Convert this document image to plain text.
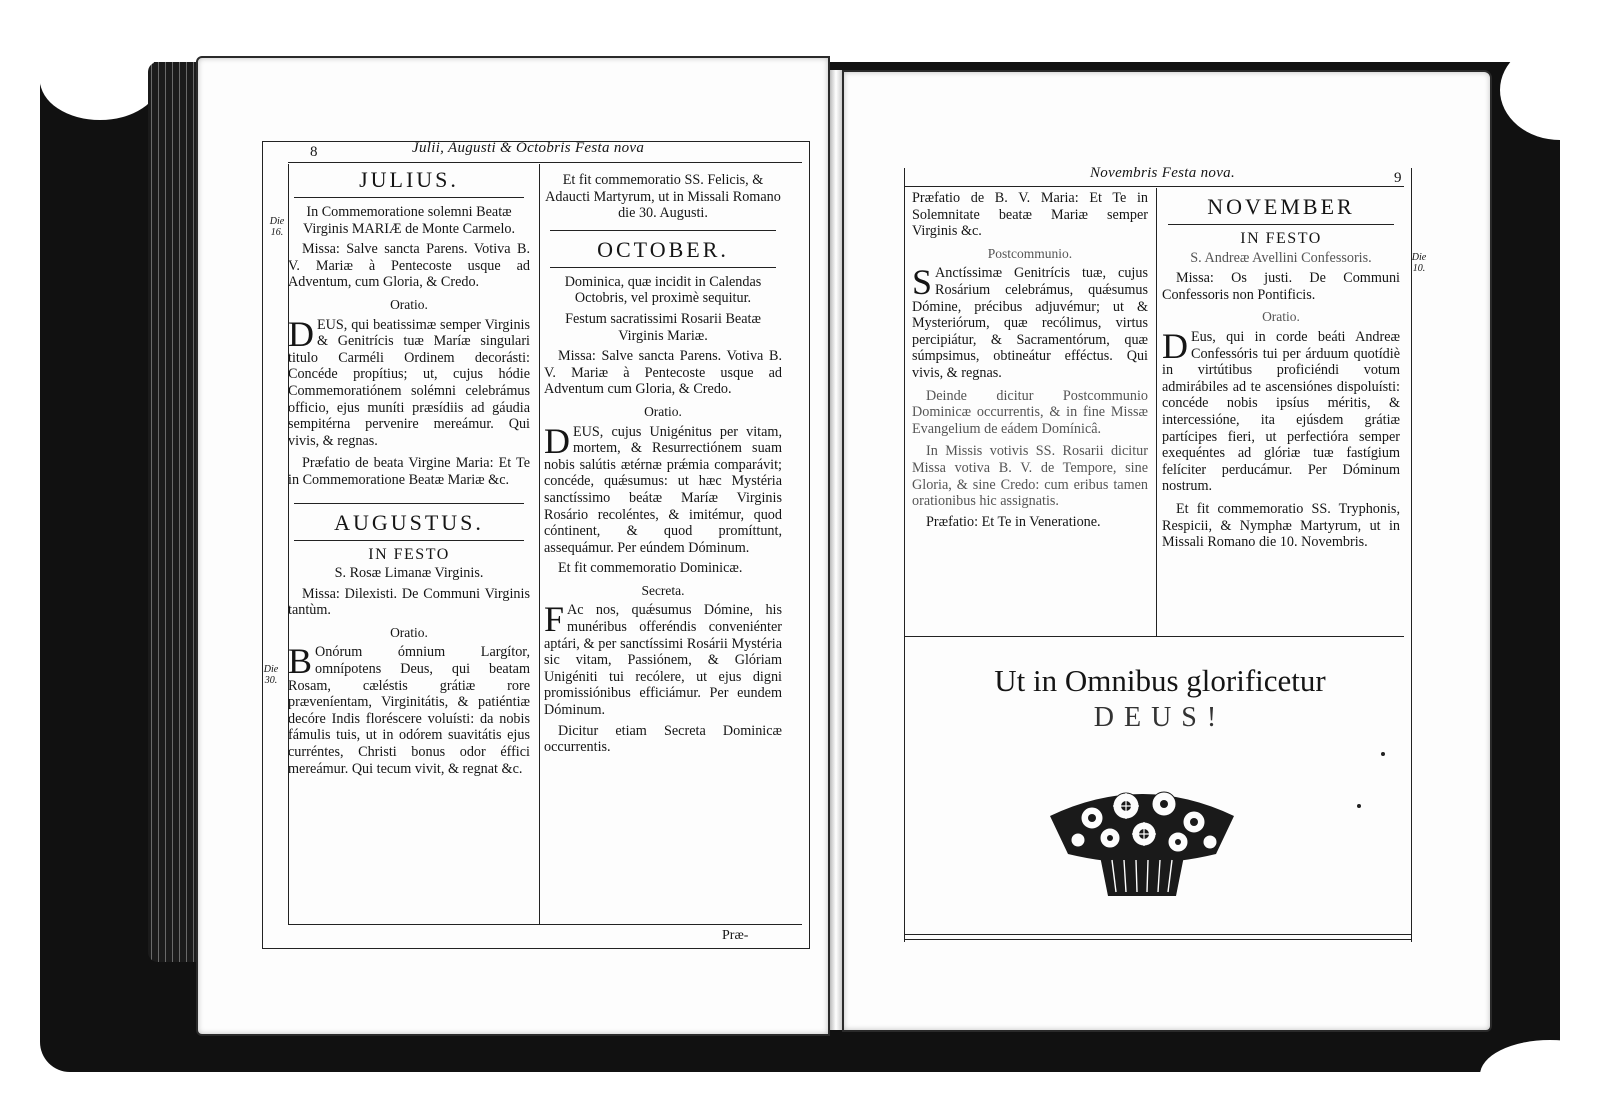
8	Julii, Augusti & Octobris Festa nova
Die
16.
Die
30.
JULIUS.

In Commemoratione solemni Beatæ Virginis MARIÆ de Monte Carmelo.

Missa: Salve sancta Parens. Votiva B. V. Mariæ à Pentecoste usque ad Adventum, cum Gloria, & Credo.

Oratio.

DEUS, qui beatissimæ semper Virginis & Genitrícis tuæ Maríæ singulari titulo Carméli Ordinem decorásti: Concéde propítius; ut, cujus hódie Commemoratiónem solémni celebrámus officio, ejus muníti præsídiis ad gáudia sempitérna pervenire mereámur. Qui vivis, & regnas.

Præfatio de beata Virgine Maria: Et Te in Commemoratione Beatæ Mariæ &c.

AUGUSTUS.
IN FESTO

S. Rosæ Limanæ Virginis.

Missa: Dilexisti. De Communi Virginis tantùm.

Oratio.

B Onórum ómnium Largítor, omnípotens Deus, qui beatam Rosam, cæléstis grátiæ rore præveníentam, Virginitátis, & patiéntiæ decóre Indis floréscere voluísti: da nobis fámulis tuis, ut in odórem suavitátis ejus curréntes, Christi bonus odor éffici mereámur. Qui tecum vivit, & regnat &c.

Et fit commemoratio SS. Felicis, & Adaucti Martyrum, ut in Missali Romano die 30. Augusti.

OCTOBER.

Dominica, quæ incidit in Calendas Octobris, vel proximè sequitur.

Festum sacratissimi Rosarii Beatæ Virginis Mariæ.

Missa: Salve sancta Parens. Votiva B. V. Mariæ à Pentecoste usque ad Adventum cum Gloria, & Credo.

Oratio.

DEUS, cujus Unigénitus per vitam, mortem, & Resurrectiónem suam nobis salútis ætérnæ prǽmia comparávit; concéde, quǽsumus: ut hæc Mystéria sanctíssimo beátæ Maríæ Virginis Rosário recoléntes, & imitémur, quod cóntinent, & quod promíttunt, assequámur. Per eúndem Dóminum.

Et fit commemoratio Dominicæ.

Secreta.

F Ac nos, quǽsumus Dómine, his munéribus offeréndis conveniénter aptári, & per sanctíssimi Rosárii Mystéria sic vitam, Passiónem, & Glóriam Unigéniti tui recólere, ut ejus digni promissiónibus efficiámur. Per eundem Dóminum.

Dicitur etiam Secreta Dominicæ occurrentis.

Præ-
Novembris Festa nova.	9
Die
10.

Præfatio de B. V. Maria: Et Te in Solemnitate beatæ Mariæ semper Virginis &c.

Postcommunio.

S Anctíssimæ Genitrícis tuæ, cujus Rosárium celebrámus, quǽsumus Dómine, précibus adjuvémur; ut & Mysteriórum, quæ recólimus, virtus percipiátur, & Sacramentórum, quæ súmpsimus, obtineátur efféctus. Qui vivis, & regnas.

Deinde dicitur Postcommunio Dominicæ occurrentis, & in fine Missæ Evangelium de eádem Domínicâ.

In Missis votivis SS. Rosarii dicitur Missa votiva B. V. de Tempore, sine Gloria, & sine Credo: cum eribus tamen orationibus hic assignatis.

Præfatio: Et Te in Veneratione.

NOVEMBER
IN FESTO

S. Andreæ Avellini Confessoris.

Missa: Os justi. De Communi Confessoris non Pontificis.

Oratio.

D Eus, qui in corde beáti Andreæ Confessóris tui per árduum quotídiè in virtútibus proficiéndi votum admirábiles ad te ascensiónes dispoluísti: concéde nobis ipsíus méritis, & intercessióne, ita ejúsdem grátiæ partícipes fieri, ut perfectióra semper exequéntes ad glóriæ tuæ fastígium felíciter perducámur. Per Dóminum nostrum.

Et fit commemoratio SS. Tryphonis, Respicii, & Nymphæ Martyrum, ut in Missali Romano die 10. Novembris.

Ut in Omnibus glorificetur
DEUS!
